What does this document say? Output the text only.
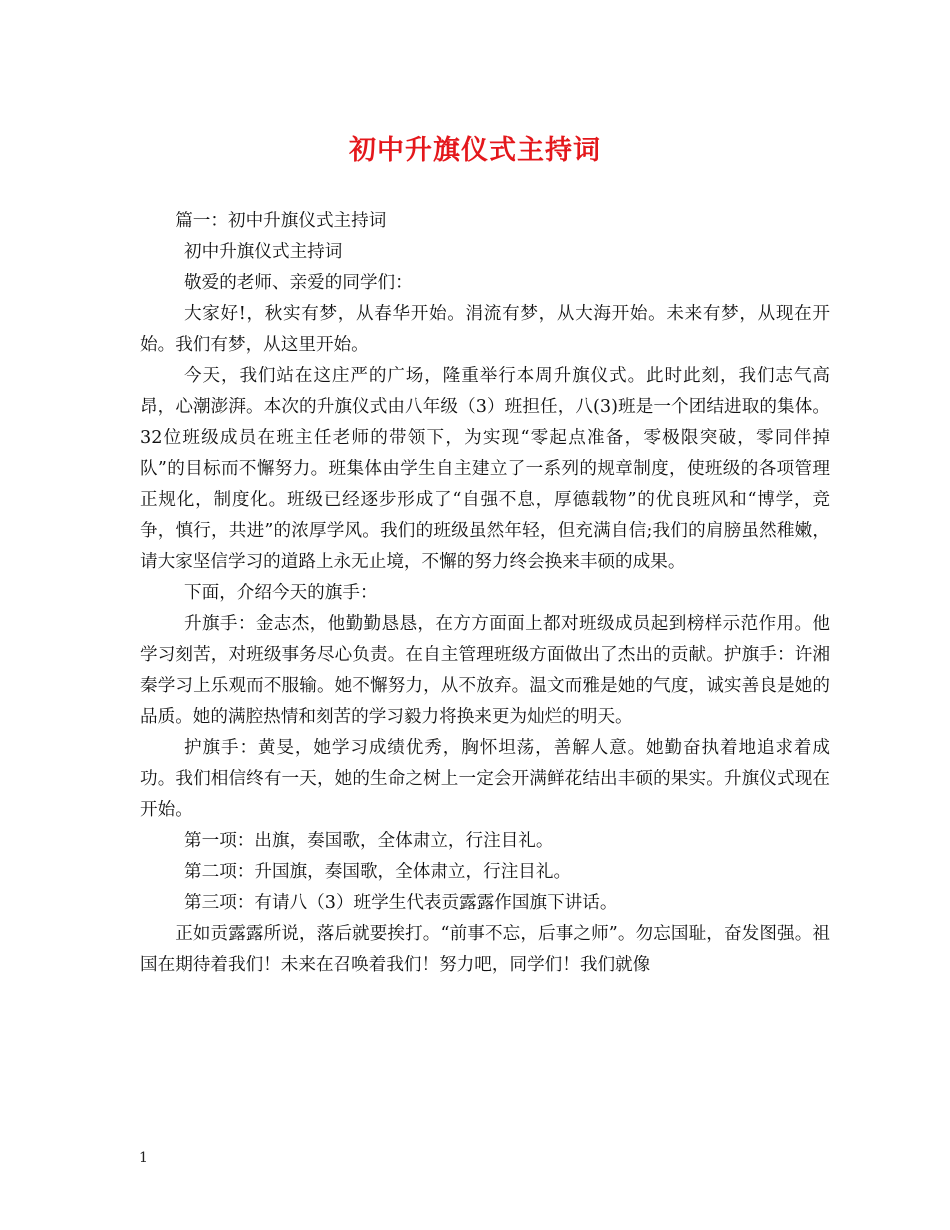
初中升旗仪式主持词

篇一：初中升旗仪式主持词

初中升旗仪式主持词

敬爱的老师、亲爱的同学们：

大家好!，秋实有梦，从春华开始。涓流有梦，从大海开始。未来有梦，从现在开始。我们有梦，从这里开始。

今天，我们站在这庄严的广场，隆重举行本周升旗仪式。此时此刻，我们志气高昂，心潮澎湃。本次的升旗仪式由八年级（3）班担任，八(3)班是一个团结进取的集体。32位班级成员在班主任老师的带领下，为实现“零起点准备，零极限突破，零同伴掉队”的目标而不懈努力。班集体由学生自主建立了一系列的规章制度，使班级的各项管理正规化，制度化。班级已经逐步形成了“自强不息，厚德载物”的优良班风和“博学，竞争，慎行，共进”的浓厚学风。我们的班级虽然年轻，但充满自信;我们的肩膀虽然稚嫩，请大家坚信学习的道路上永无止境，不懈的努力终会换来丰硕的成果。

下面，介绍今天的旗手：

升旗手：金志杰，他勤勤恳恳，在方方面面上都对班级成员起到榜样示范作用。他学习刻苦，对班级事务尽心负责。在自主管理班级方面做出了杰出的贡献。护旗手：许湘秦学习上乐观而不服输。她不懈努力，从不放弃。温文而雅是她的气度，诚实善良是她的品质。她的满腔热情和刻苦的学习毅力将换来更为灿烂的明天。

护旗手：黄旻，她学习成绩优秀，胸怀坦荡，善解人意。她勤奋执着地追求着成功。我们相信终有一天，她的生命之树上一定会开满鲜花结出丰硕的果实。升旗仪式现在开始。

第一项：出旗，奏国歌，全体肃立，行注目礼。

第二项：升国旗，奏国歌，全体肃立，行注目礼。

第三项：有请八（3）班学生代表贡露露作国旗下讲话。

正如贡露露所说，落后就要挨打。“前事不忘，后事之师”。勿忘国耻，奋发图强。祖国在期待着我们！未来在召唤着我们！努力吧，同学们！我们就像

1
